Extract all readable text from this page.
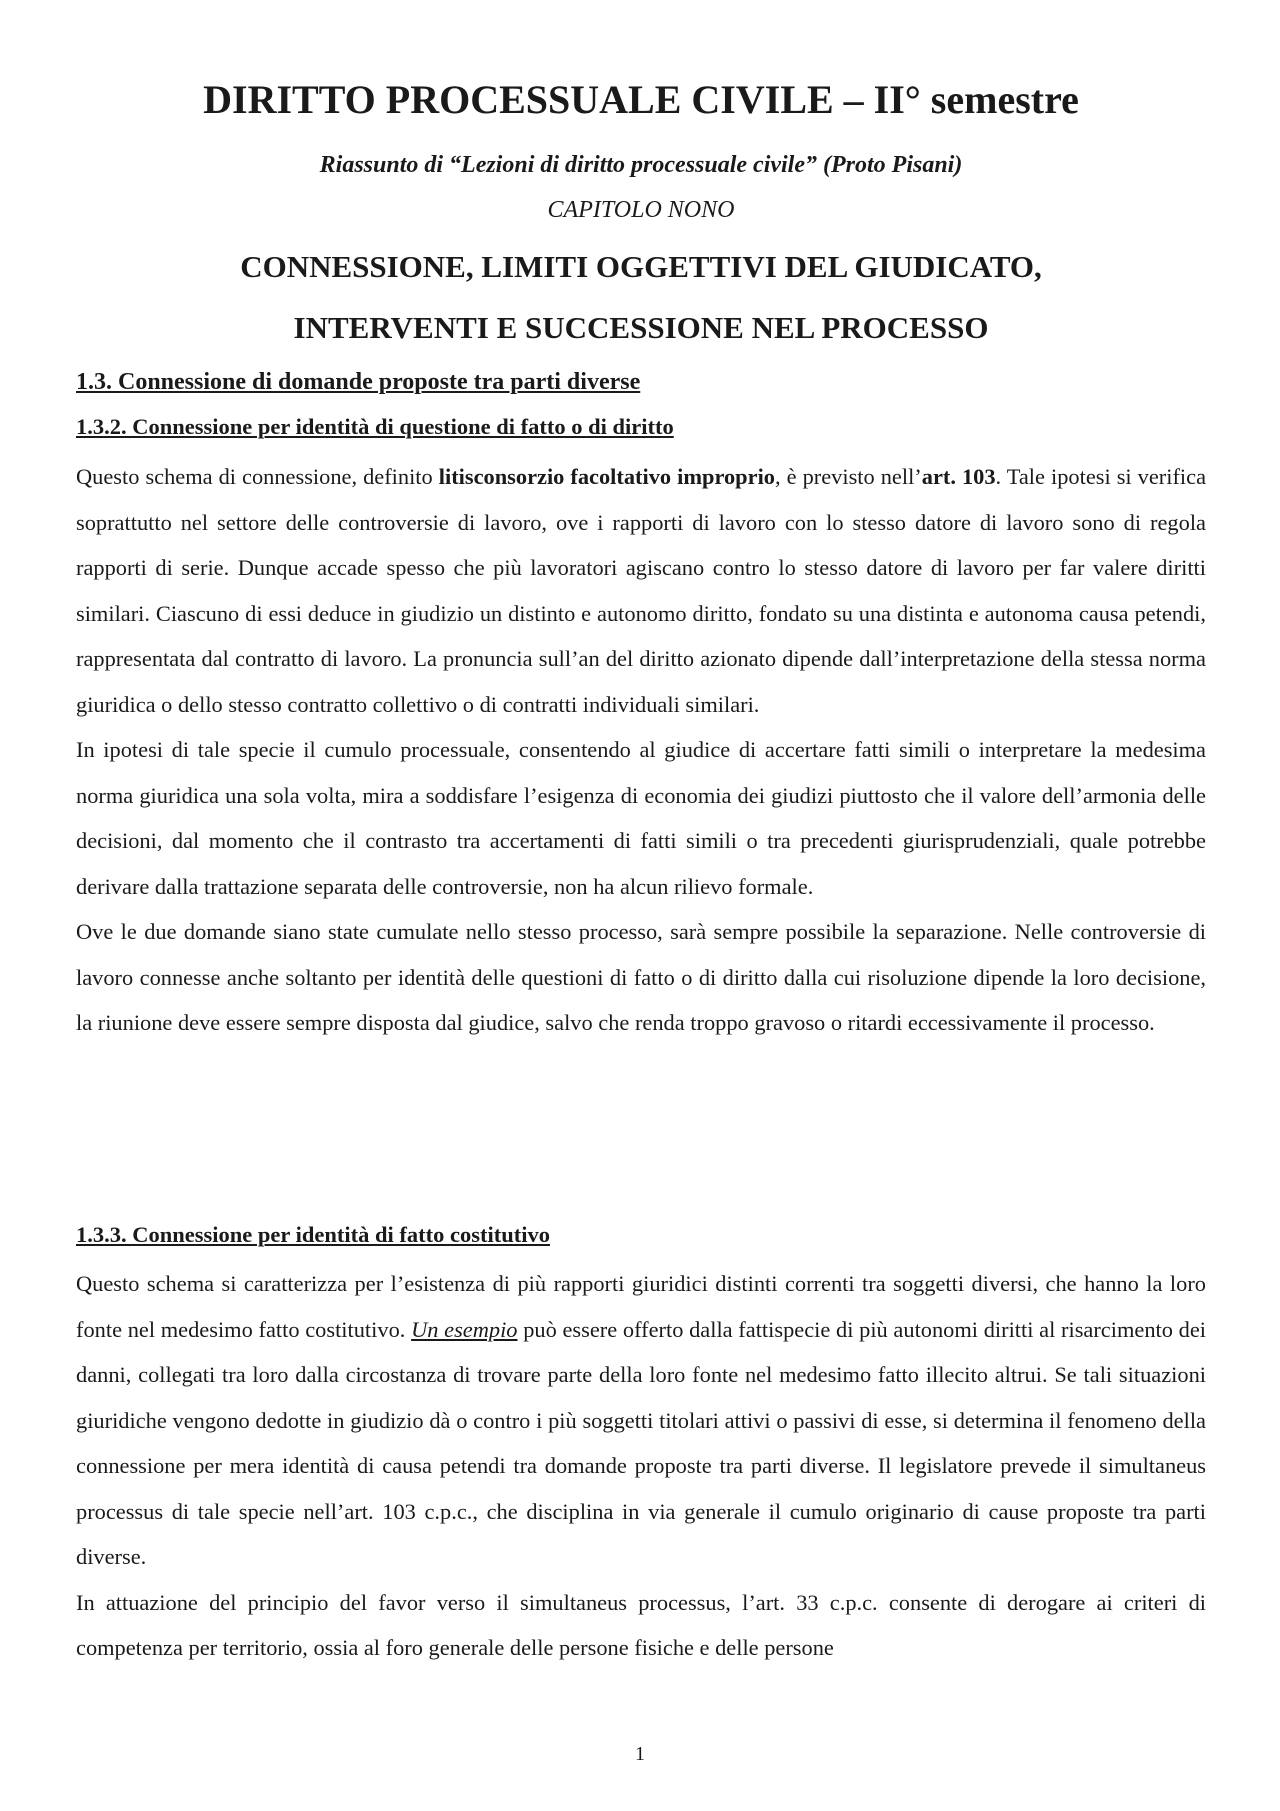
DIRITTO PROCESSUALE CIVILE – II° semestre
Riassunto di “Lezioni di diritto processuale civile” (Proto Pisani)
CAPITOLO NONO
CONNESSIONE, LIMITI OGGETTIVI DEL GIUDICATO,
INTERVENTI E SUCCESSIONE NEL PROCESSO
1.3. Connessione di domande proposte tra parti diverse
1.3.2. Connessione per identità di questione di fatto o di diritto

Questo schema di connessione, definito litisconsorzio facoltativo improprio, è previsto nell’art. 103. Tale ipotesi si verifica soprattutto nel settore delle controversie di lavoro, ove i rapporti di lavoro con lo stesso datore di lavoro sono di regola rapporti di serie. Dunque accade spesso che più lavoratori agiscano contro lo stesso datore di lavoro per far valere diritti similari. Ciascuno di essi deduce in giudizio un distinto e autonomo diritto, fondato su una distinta e autonoma causa petendi, rappresentata dal contratto di lavoro. La pronuncia sull’an del diritto azionato dipende dall’interpretazione della stessa norma giuridica o dello stesso contratto collettivo o di contratti individuali similari.

In ipotesi di tale specie il cumulo processuale, consentendo al giudice di accertare fatti simili o interpretare la medesima norma giuridica una sola volta, mira a soddisfare l’esigenza di economia dei giudizi piuttosto che il valore dell’armonia delle decisioni, dal momento che il contrasto tra accertamenti di fatti simili o tra precedenti giurisprudenziali, quale potrebbe derivare dalla trattazione separata delle controversie, non ha alcun rilievo formale.

Ove le due domande siano state cumulate nello stesso processo, sarà sempre possibile la separazione. Nelle controversie di lavoro connesse anche soltanto per identità delle questioni di fatto o di diritto dalla cui risoluzione dipende la loro decisione, la riunione deve essere sempre disposta dal giudice, salvo che renda troppo gravoso o ritardi eccessivamente il processo.

1.3.3. Connessione per identità di fatto costitutivo

Questo schema si caratterizza per l’esistenza di più rapporti giuridici distinti correnti tra soggetti diversi, che hanno la loro fonte nel medesimo fatto costitutivo. Un esempio può essere offerto dalla fattispecie di più autonomi diritti al risarcimento dei danni, collegati tra loro dalla circostanza di trovare parte della loro fonte nel medesimo fatto illecito altrui. Se tali situazioni giuridiche vengono dedotte in giudizio dà o contro i più soggetti titolari attivi o passivi di esse, si determina il fenomeno della connessione per mera identità di causa petendi tra domande proposte tra parti diverse. Il legislatore prevede il simultaneus processus di tale specie nell’art. 103 c.p.c., che disciplina in via generale il cumulo originario di cause proposte tra parti diverse.

In attuazione del principio del favor verso il simultaneus processus, l’art. 33 c.p.c. consente di derogare ai criteri di competenza per territorio, ossia al foro generale delle persone fisiche e delle persone

1
